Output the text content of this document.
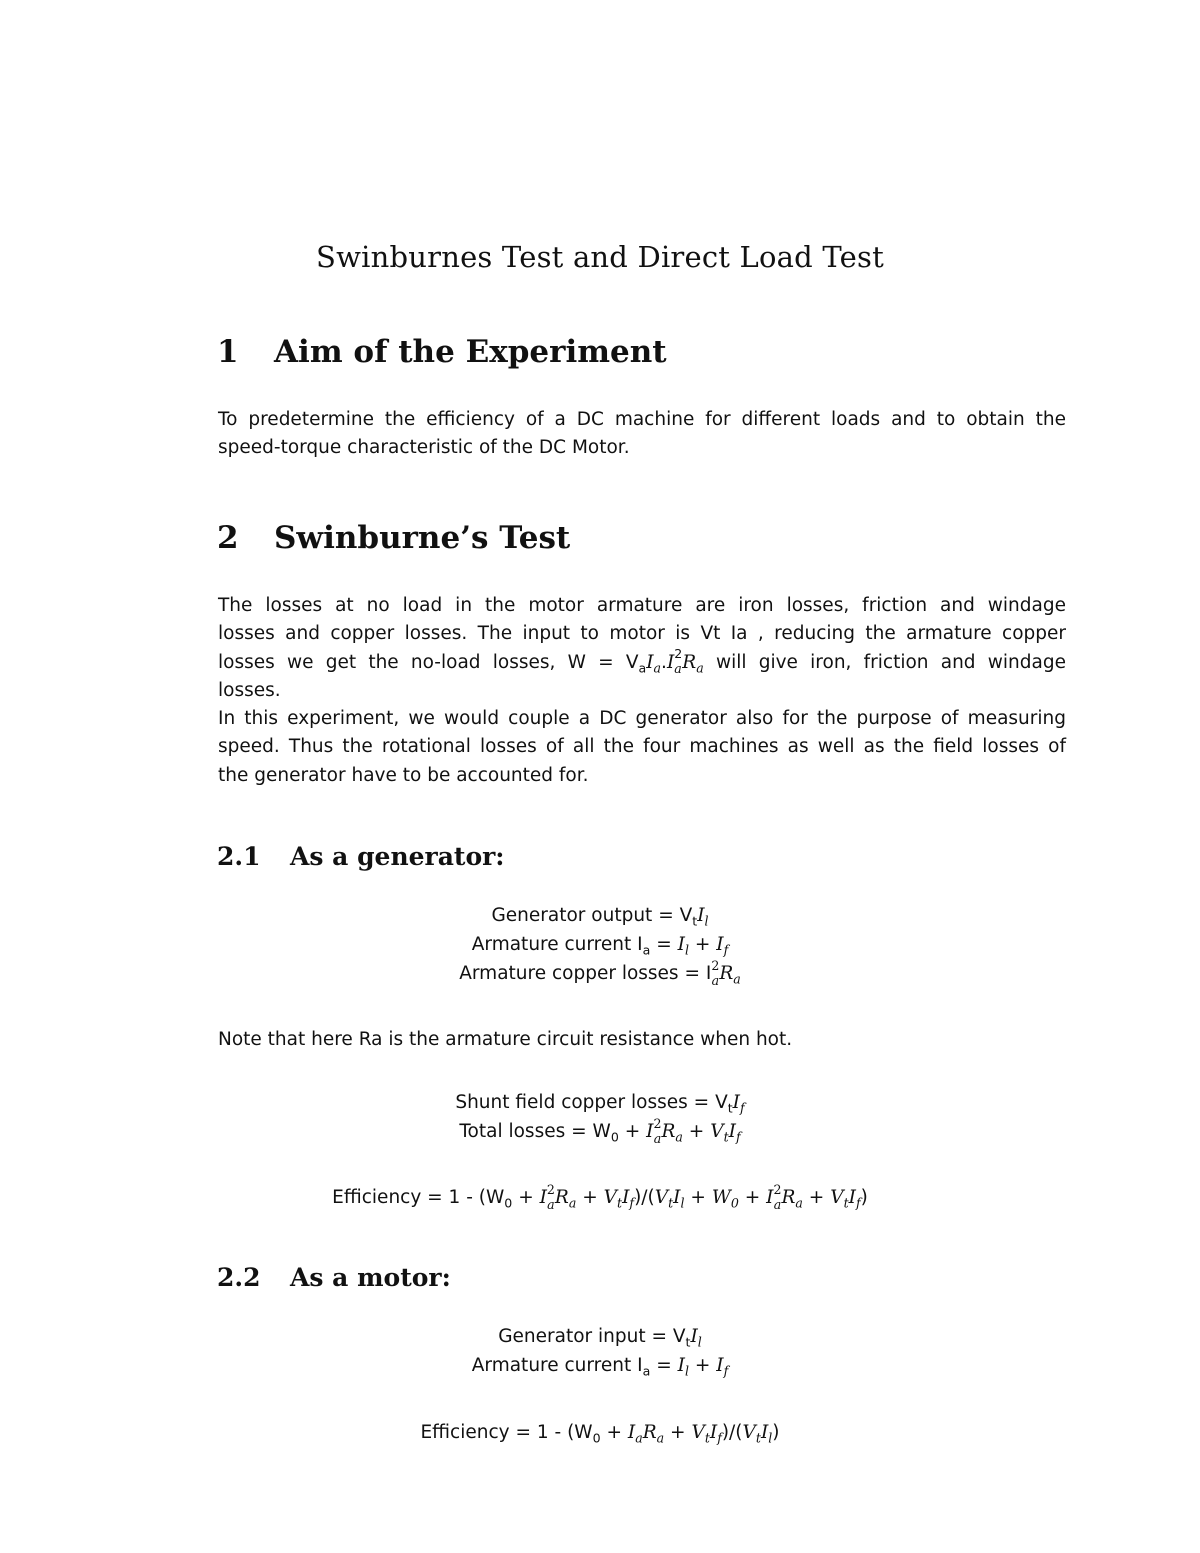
Swinburnes Test and Direct Load Test
1 Aim of the Experiment
To predetermine the efficiency of a DC machine for different loads and to obtain the
speed-torque characteristic of the DC Motor.
2 Swinburne’s Test
The losses at no load in the motor armature are iron losses, friction and windage
losses and copper losses. The input to motor is Vt Ia , reducing the armature copper
losses we get the no-load losses, $W = V_aI_a.I$ 2
a $R_a$ will give iron, friction and windage
losses.
In this experiment, we would couple a DC generator also for the purpose of measuring
speed. Thus the rotational losses of all the four machines as well as the field losses of
the generator have to be accounted for.
2.1 As a generator:
Generator output = $V_tI_l$
Armature current $I_a = I_l + I_f$
Armature copper losses = I 2
a $R_a$
Note that here Ra is the armature circuit resistance when hot.
Shunt field copper losses = $V_tI_f$
Total losses = $W_0 + I$ 2
a $R_a + V_tI_f$
Efficiency = $1 - (W_0 + I$ 2
a $R_a + V_tI_f)/(V_tI_l + W_0 + I$ 2
a $R_a + V_tI_f$)
2.2 As a motor:
Generator input = $V_tI_l$
Armature current $I_a = I_l + I_f$
Efficiency = $1 - (W_0 + I_aR_a + V_tI_f)/(V_tI_l)$
